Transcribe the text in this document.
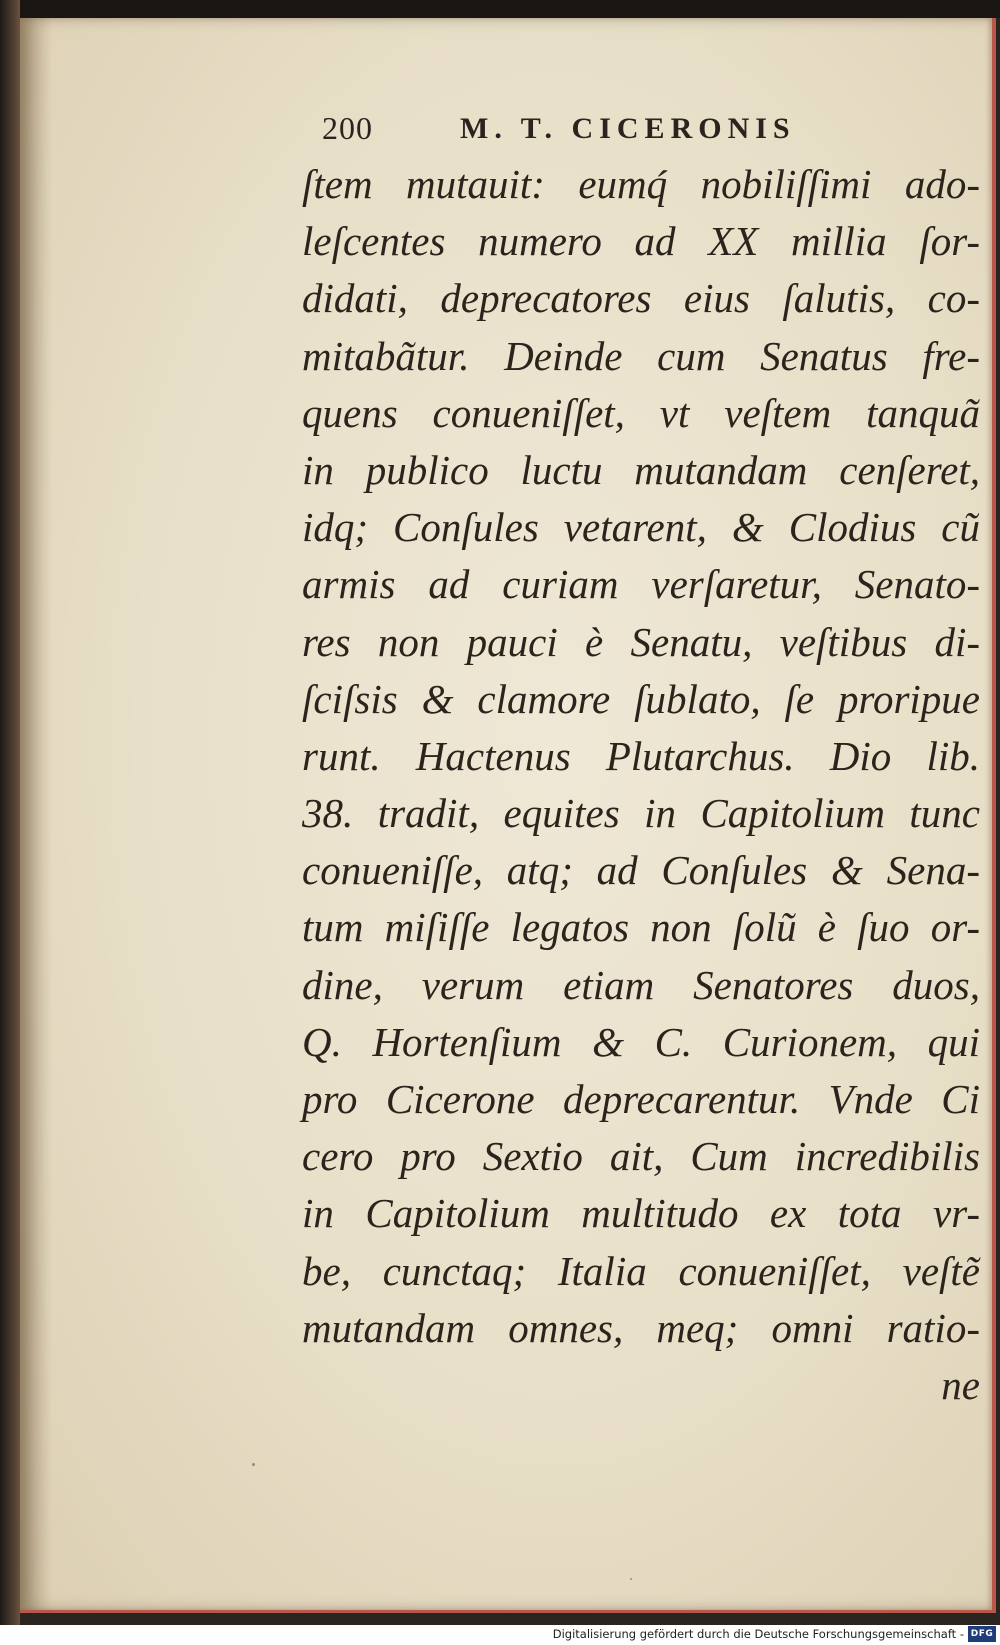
200	M. T. CICERONIS
ſtem mutauit: eumq́ nobiliſſimi ado-
leſcentes numero ad XX millia ſor-
didati, deprecatores eius ſalutis, co-
mitabãtur. Deinde cum Senatus fre-
quens conueniſſet, vt veſtem tanquã
in publico luctu mutandam cenſeret,
idq; Conſules vetarent, & Clodius cũ
armis ad curiam verſaretur, Senato-
res non pauci è Senatu, veſtibus di-
ſciſsis & clamore ſublato, ſe proripue
runt. Hactenus Plutarchus. Dio lib.
38. tradit, equites in Capitolium tunc
conueniſſe, atq; ad Conſules & Sena-
tum miſiſſe legatos non ſolũ è ſuo or-
dine, verum etiam Senatores duos,
Q. Hortenſium & C. Curionem, qui
pro Cicerone deprecarentur. Vnde Ci
cero pro Sextio ait, Cum incredibilis
in Capitolium multitudo ex tota vr-
be, cunctaq; Italia conueniſſet, veſtẽ
mutandam omnes, meq; omni ratio-
ne
Digitalisierung gefördert durch die Deutsche Forschungsgemeinschaft - DFG
